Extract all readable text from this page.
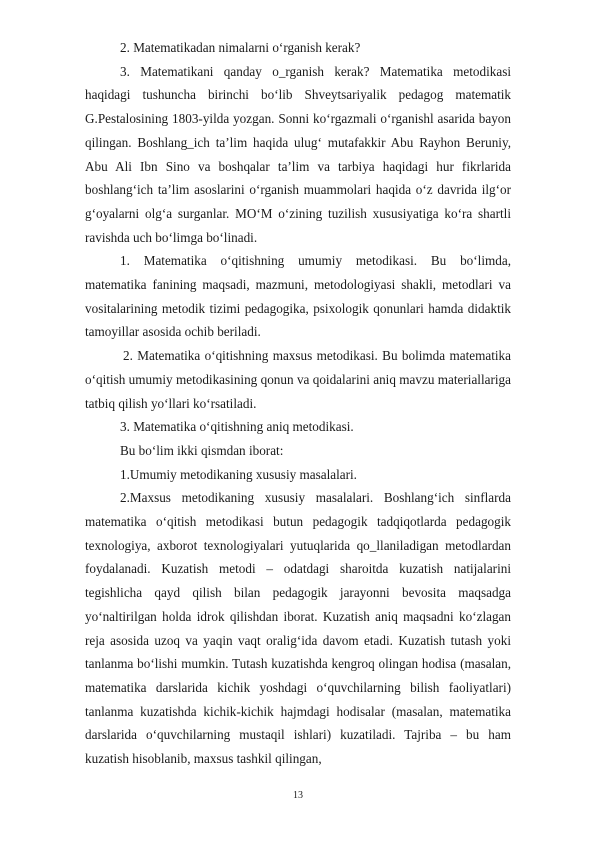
2. Matematikadan nimalarni o‘rganish kerak?

3. Matematikani qanday o_rganish kerak? Matematika metodikasi haqidagi tushuncha birinchi bo‘lib Shveytsariyalik pedagog matematik G.Pestalosining 1803-yilda yozgan. Sonni ko‘rgazmali o‘rganishl asarida bayon qilingan. Boshlang_ich ta’lim haqida ulug‘ mutafakkir Abu Rayhon Beruniy, Abu Ali Ibn Sino va boshqalar ta’lim va tarbiya haqidagi hur fikrlarida boshlang‘ich ta’lim asoslarini o‘rganish muammolari haqida o‘z davrida ilg‘or g‘oyalarni olg‘a surganlar. MO‘M o‘zining tuzilish xususiyatiga ko‘ra shartli ravishda uch bo‘limga bo‘linadi.

1. Matematika o‘qitishning umumiy metodikasi. Bu bo‘limda, matematika fanining maqsadi, mazmuni, metodologiyasi shakli, metodlari va vositalarining metodik tizimi pedagogika, psixologik qonunlari hamda didaktik tamoyillar asosida ochib beriladi.

2. Matematika o‘qitishning maxsus metodikasi. Bu bolimda matematika o‘qitish umumiy metodikasining qonun va qoidalarini aniq mavzu materiallariga tatbiq qilish yo‘llari ko‘rsatiladi.

3. Matematika o‘qitishning aniq metodikasi.

Bu bo‘lim ikki qismdan iborat:

1.Umumiy metodikaning xususiy masalalari.

2.Maxsus metodikaning xususiy masalalari. Boshlang‘ich sinflarda matematika o‘qitish metodikasi butun pedagogik tadqiqotlarda pedagogik texnologiya, axborot texnologiyalari yutuqlarida qo_llaniladigan metodlardan foydalanadi. Kuzatish metodi – odatdagi sharoitda kuzatish natijalarini tegishlicha qayd qilish bilan pedagogik jarayonni bevosita maqsadga yo‘naltirilgan holda idrok qilishdan iborat. Kuzatish aniq maqsadni ko‘zlagan reja asosida uzoq va yaqin vaqt oralig‘ida davom etadi. Kuzatish tutash yoki tanlanma bo‘lishi mumkin. Tutash kuzatishda kengroq olingan hodisa (masalan, matematika darslarida kichik yoshdagi o‘quvchilarning bilish faoliyatlari) tanlanma kuzatishda kichik-kichik hajmdagi hodisalar (masalan, matematika darslarida o‘quvchilarning mustaqil ishlari) kuzatiladi. Tajriba – bu ham kuzatish hisoblanib, maxsus tashkil qilingan,

13
